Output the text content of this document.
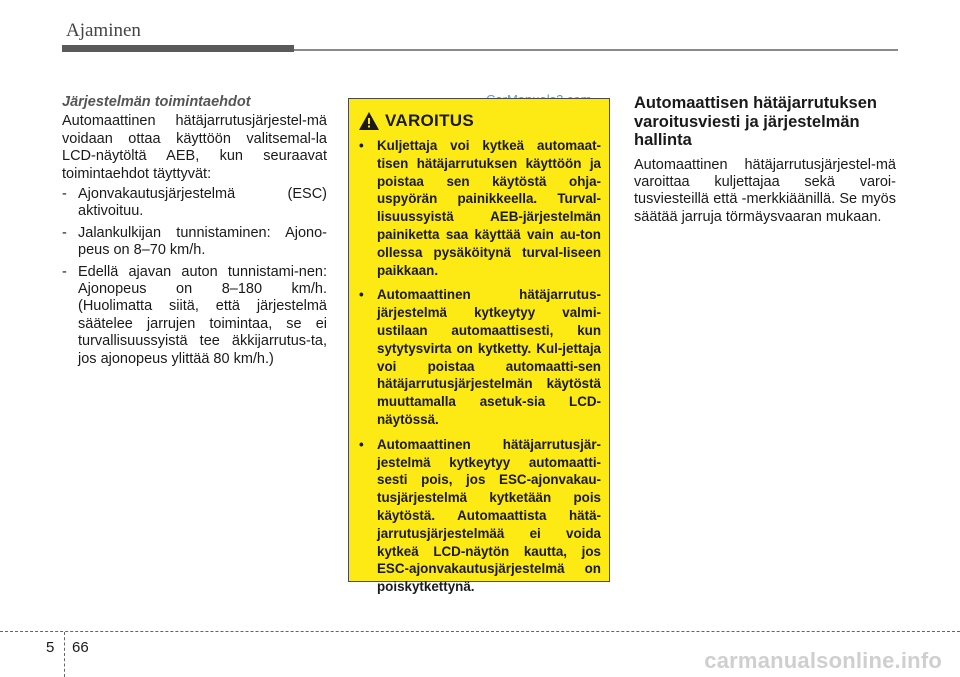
Ajaminen
Järjestelmän toimintaehdot

Automaattinen hätäjarrutusjärjestel-mä voidaan ottaa käyttöön valitsemal-la LCD-näytöltä AEB, kun seuraavat toimintaehdot täyttyvät:

- Ajonvakautusjärjestelmä (ESC) aktivoituu.
- Jalankulkijan tunnistaminen: Ajono-peus on 8–70 km/h.
- Edellä ajavan auton tunnistami-nen: Ajonopeus on 8–180 km/h. (Huolimatta siitä, että järjestelmä säätelee jarrujen toimintaa, se ei turvallisuussyistä tee äkkijarrutus-ta, jos ajonopeus ylittää 80 km/h.)
VAROITUS
• Kuljettaja voi kytkeä automaat-tisen hätäjarrutuksen käyttöön ja poistaa sen käytöstä ohja-uspyörän painikkeella. Turval-lisuussyistä AEB-järjestelmän painiketta saa käyttää vain au-ton ollessa pysäköitynä turval-liseen paikkaan.
• Automaattinen hätäjarrutus-järjestelmä kytkeytyy valmi-ustilaan automaattisesti, kun sytytysvirta on kytketty. Kul-jettaja voi poistaa automaatti-sen hätäjarrutusjärjestelmän käytöstä muuttamalla asetuk-sia LCD-näytössä.
• Automaattinen hätäjarrutusjär-jestelmä kytkeytyy automaatti-sesti pois, jos ESC-ajonvakau-tusjärjestelmä kytketään pois käytöstä. Automaattista hätä-jarrutusjärjestelmää ei voida kytkeä LCD-näytön kautta, jos ESC-ajonvakautusjärjestelmä on poiskytkettynä.
Automaattisen hätäjarrutuksen varoitusviesti ja järjestelmän hallinta

Automaattinen hätäjarrutusjärjestel-mä varoittaa kuljettajaa sekä varoi-tusviesteillä että -merkkiäänillä. Se myös säätää jarruja törmäysvaaran mukaan.

5 66
carmanualsonline.info
